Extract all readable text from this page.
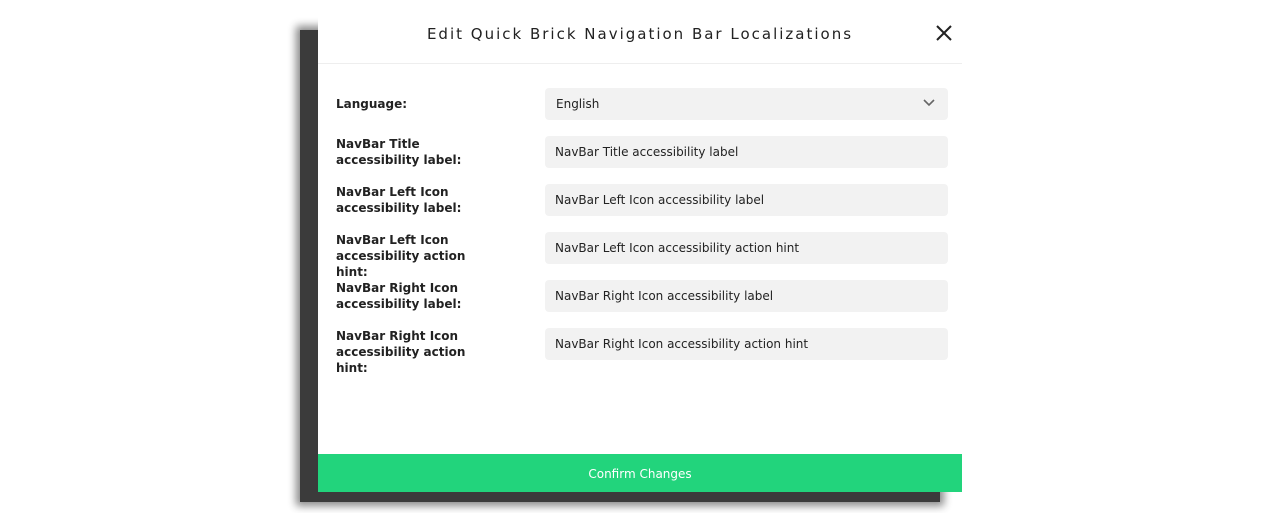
Edit Quick Brick Navigation Bar Localizations
Language:	English
NavBar Title accessibility label:
NavBar Title accessibility label
NavBar Left Icon accessibility label:
NavBar Left Icon accessibility label
NavBar Left Icon accessibility action hint:
NavBar Left Icon accessibility action hint
NavBar Right Icon accessibility label:
NavBar Right Icon accessibility label
NavBar Right Icon accessibility action hint:
NavBar Right Icon accessibility action hint
Confirm Changes
